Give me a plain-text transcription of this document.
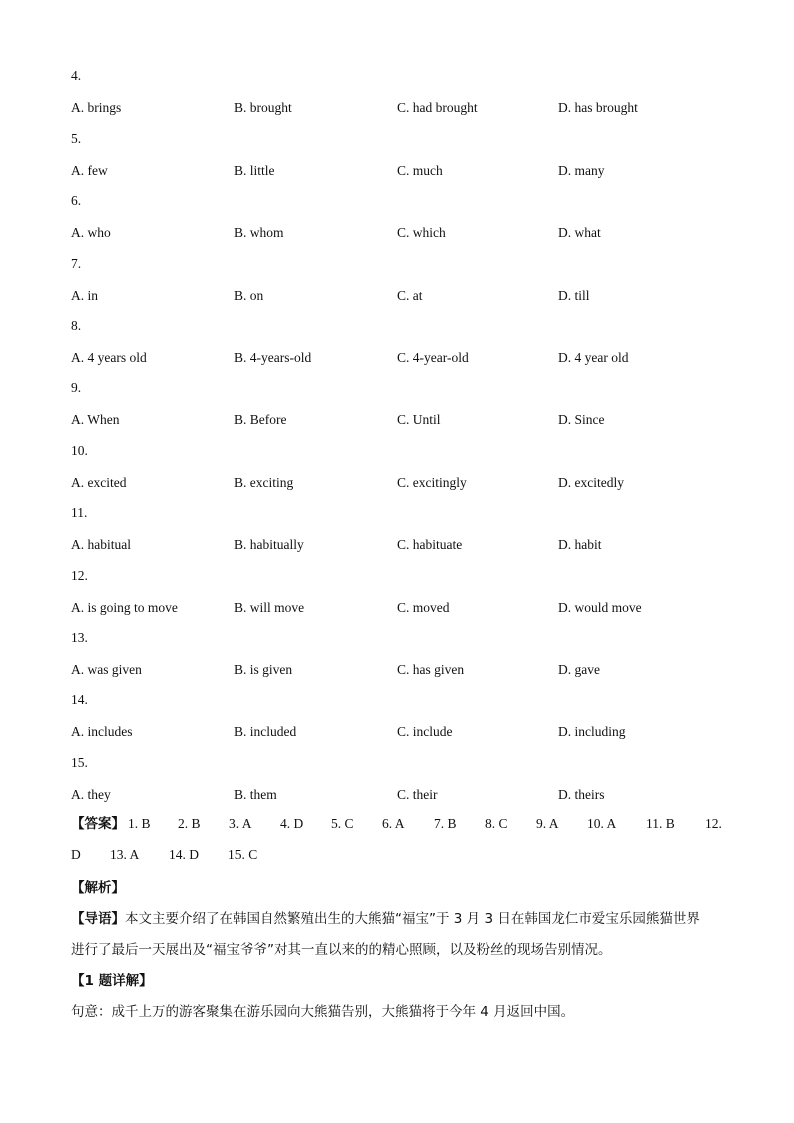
4.
A. brings	B. brought	C. had brought	D. has brought
5.
A. few	B. little	C. much	D. many
6.
A. who	B. whom	C. which	D. what
7.
A. in	B. on	C. at	D. till
8.
A. 4 years old	B. 4-years-old	C. 4-year-old	D. 4 year old
9.
A. When	B. Before	C. Until	D. Since
10.
A. excited	B. exciting	C. excitingly	D. excitedly
11.
A. habitual	B. habitually	C. habituate	D. habit
12.
A. is going to move	B. will move	C. moved	D. would move
13.
A. was given	B. is given	C. has given	D. gave
14.
A. includes	B. included	C. include	D. including
15.
A. they	B. them	C. their	D. theirs
【答案】 1. B 2. B 3. A 4. D 5. C 6. A 7. B 8. C 9. A 10. A 11. B 12.
D 13. A 14. D 15. C
【解析】
【导语】本文主要介绍了在韩国自然繁殖出生的大熊猫“福宝”于 3 月 3 日在韩国龙仁市爱宝乐园熊猫世界
进行了最后一天展出及“福宝爷爷”对其一直以来的的精心照顾，以及粉丝的现场告别情况。
【1 题详解】
句意：成千上万的游客聚集在游乐园向大熊猫告别，大熊猫将于今年 4 月返回中国。
